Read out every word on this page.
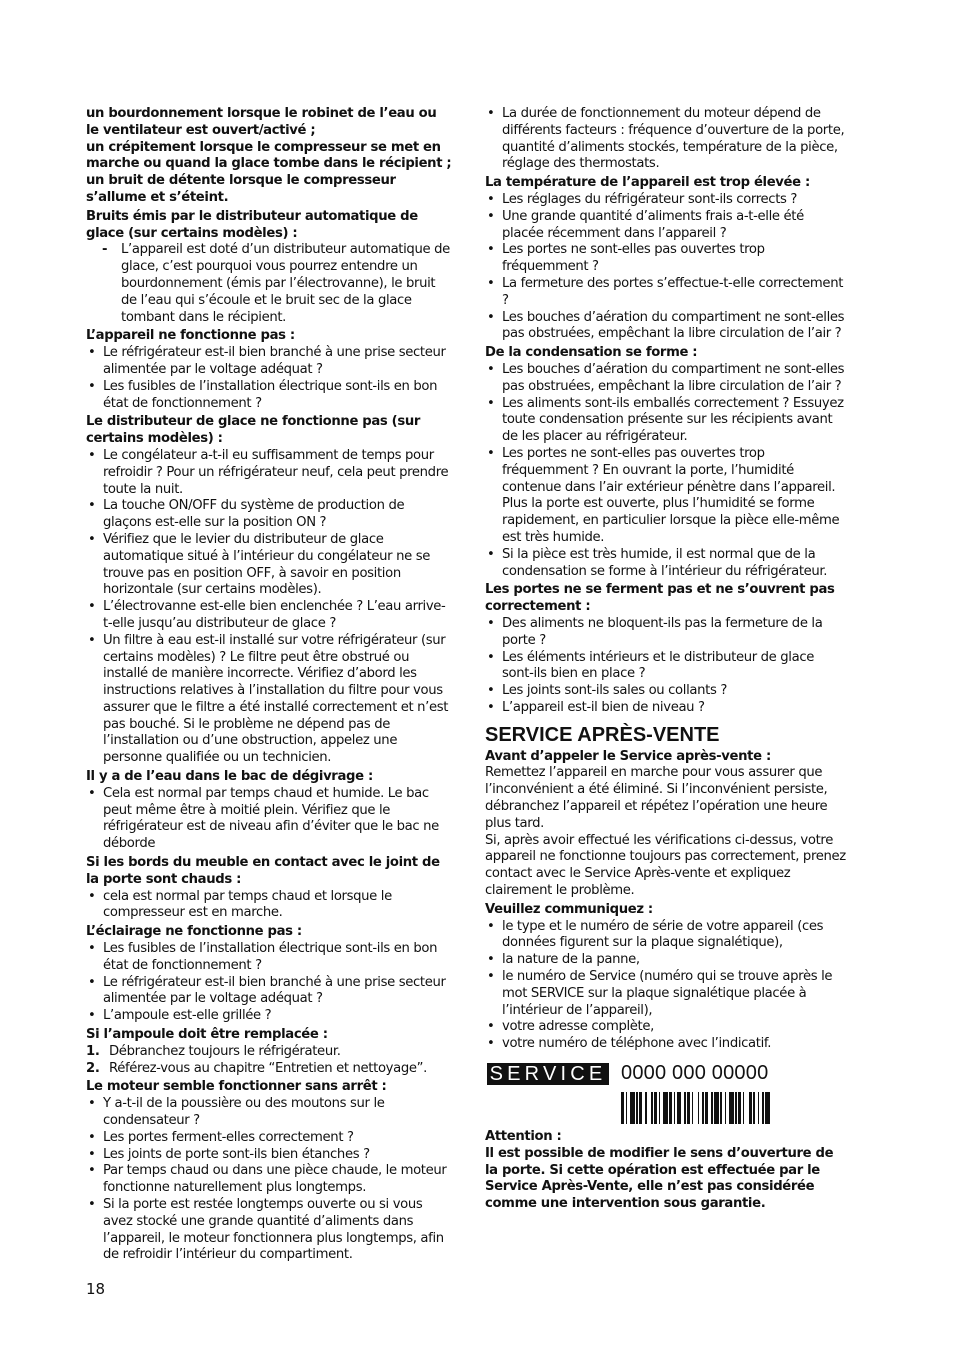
un bourdonnement lorsque le robinet de l’eau ou le ventilateur est ouvert/activé ;

un crépitement lorsque le compresseur se met en marche ou quand la glace tombe dans le récipient ; un bruit de détente lorsque le compresseur s’allume et s’éteint.

Bruits émis par le distributeur automatique de glace (sur certains modèles) :

- L’appareil est doté d’un distributeur automatique de glace, c’est pourquoi vous pourrez entendre un bourdonnement (émis par l’électrovanne), le bruit de l’eau qui s’écoule et le bruit sec de la glace tombant dans le récipient.

L’appareil ne fonctionne pas :

• Le réfrigérateur est-il bien branché à une prise secteur alimentée par le voltage adéquat ?
• Les fusibles de l’installation électrique sont-ils en bon état de fonctionnement ?

Le distributeur de glace ne fonctionne pas (sur certains modèles) :

• Le congélateur a-t-il eu suffisamment de temps pour refroidir ? Pour un réfrigérateur neuf, cela peut prendre toute la nuit.
• La touche ON/OFF du système de production de glaçons est-elle sur la position ON ?
• Vérifiez que le levier du distributeur de glace automatique situé à l’intérieur du congélateur ne se trouve pas en position OFF, à savoir en position horizontale (sur certains modèles).
• L’électrovanne est-elle bien enclenchée ? L’eau arrive-t-elle jusqu’au distributeur de glace ?
• Un filtre à eau est-il installé sur votre réfrigérateur (sur certains modèles) ? Le filtre peut être obstrué ou installé de manière incorrecte. Vérifiez d’abord les instructions relatives à l’installation du filtre pour vous assurer que le filtre a été installé correctement et n’est pas bouché. Si le problème ne dépend pas de l’installation ou d’une obstruction, appelez une personne qualifiée ou un technicien.

Il y a de l’eau dans le bac de dégivrage :

• Cela est normal par temps chaud et humide. Le bac peut même être à moitié plein. Vérifiez que le réfrigérateur est de niveau afin d’éviter que le bac ne déborde

Si les bords du meuble en contact avec le joint de la porte sont chauds :

• cela est normal par temps chaud et lorsque le compresseur est en marche.

L’éclairage ne fonctionne pas :

• Les fusibles de l’installation électrique sont-ils en bon état de fonctionnement ?
• Le réfrigérateur est-il bien branché à une prise secteur alimentée par le voltage adéquat ?
• L’ampoule est-elle grillée ?

Si l’ampoule doit être remplacée :

1. Débranchez toujours le réfrigérateur.
2. Référez-vous au chapitre “Entretien et nettoyage”.

Le moteur semble fonctionner sans arrêt :

• Y a-t-il de la poussière ou des moutons sur le condensateur ?
• Les portes ferment-elles correctement ?
• Les joints de porte sont-ils bien étanches ?
• Par temps chaud ou dans une pièce chaude, le moteur fonctionne naturellement plus longtemps.
• Si la porte est restée longtemps ouverte ou si vous avez stocké une grande quantité d’aliments dans l’appareil, le moteur fonctionnera plus longtemps, afin de refroidir l’intérieur du compartiment.
• La durée de fonctionnement du moteur dépend de différents facteurs : fréquence d’ouverture de la porte, quantité d’aliments stockés, température de la pièce, réglage des thermostats.

La température de l’appareil est trop élevée :

• Les réglages du réfrigérateur sont-ils corrects ?
• Une grande quantité d’aliments frais a-t-elle été placée récemment dans l’appareil ?
• Les portes ne sont-elles pas ouvertes trop fréquemment ?
• La fermeture des portes s’effectue-t-elle correctement ?
• Les bouches d’aération du compartiment ne sont-elles pas obstruées, empêchant la libre circulation de l’air ?

De la condensation se forme :

• Les bouches d’aération du compartiment ne sont-elles pas obstruées, empêchant la libre circulation de l’air ?
• Les aliments sont-ils emballés correctement ? Essuyez toute condensation présente sur les récipients avant de les placer au réfrigérateur.
• Les portes ne sont-elles pas ouvertes trop fréquemment ? En ouvrant la porte, l’humidité contenue dans l’air extérieur pénètre dans l’appareil. Plus la porte est ouverte, plus l’humidité se forme rapidement, en particulier lorsque la pièce elle-même est très humide.
• Si la pièce est très humide, il est normal que de la condensation se forme à l’intérieur du réfrigérateur.

Les portes ne se ferment pas et ne s’ouvrent pas correctement :

• Des aliments ne bloquent-ils pas la fermeture de la porte ?
• Les éléments intérieurs et le distributeur de glace sont-ils bien en place ?
• Les joints sont-ils sales ou collants ?
• L’appareil est-il bien de niveau ?
SERVICE APRÈS-VENTE

Avant d’appeler le Service après-vente :

Remettez l’appareil en marche pour vous assurer que l’inconvénient a été éliminé. Si l’inconvénient persiste, débranchez l’appareil et répétez l’opération une heure plus tard.

Si, après avoir effectué les vérifications ci-dessus, votre appareil ne fonctionne toujours pas correctement, prenez contact avec le Service Après-vente et expliquez clairement le problème.

Veuillez communiquez :

• le type et le numéro de série de votre appareil (ces données figurent sur la plaque signalétique),
• la nature de la panne,
• le numéro de Service (numéro qui se trouve après le mot SERVICE sur la plaque signalétique placée à l’intérieur de l’appareil),
• votre adresse complète,
• votre numéro de téléphone avec l’indicatif.
SERVICE 0000 000 00000

Attention :

Il est possible de modifier le sens d’ouverture de la porte. Si cette opération est effectuée par le Service Après-Vente, elle n’est pas considérée comme une intervention sous garantie.

18
